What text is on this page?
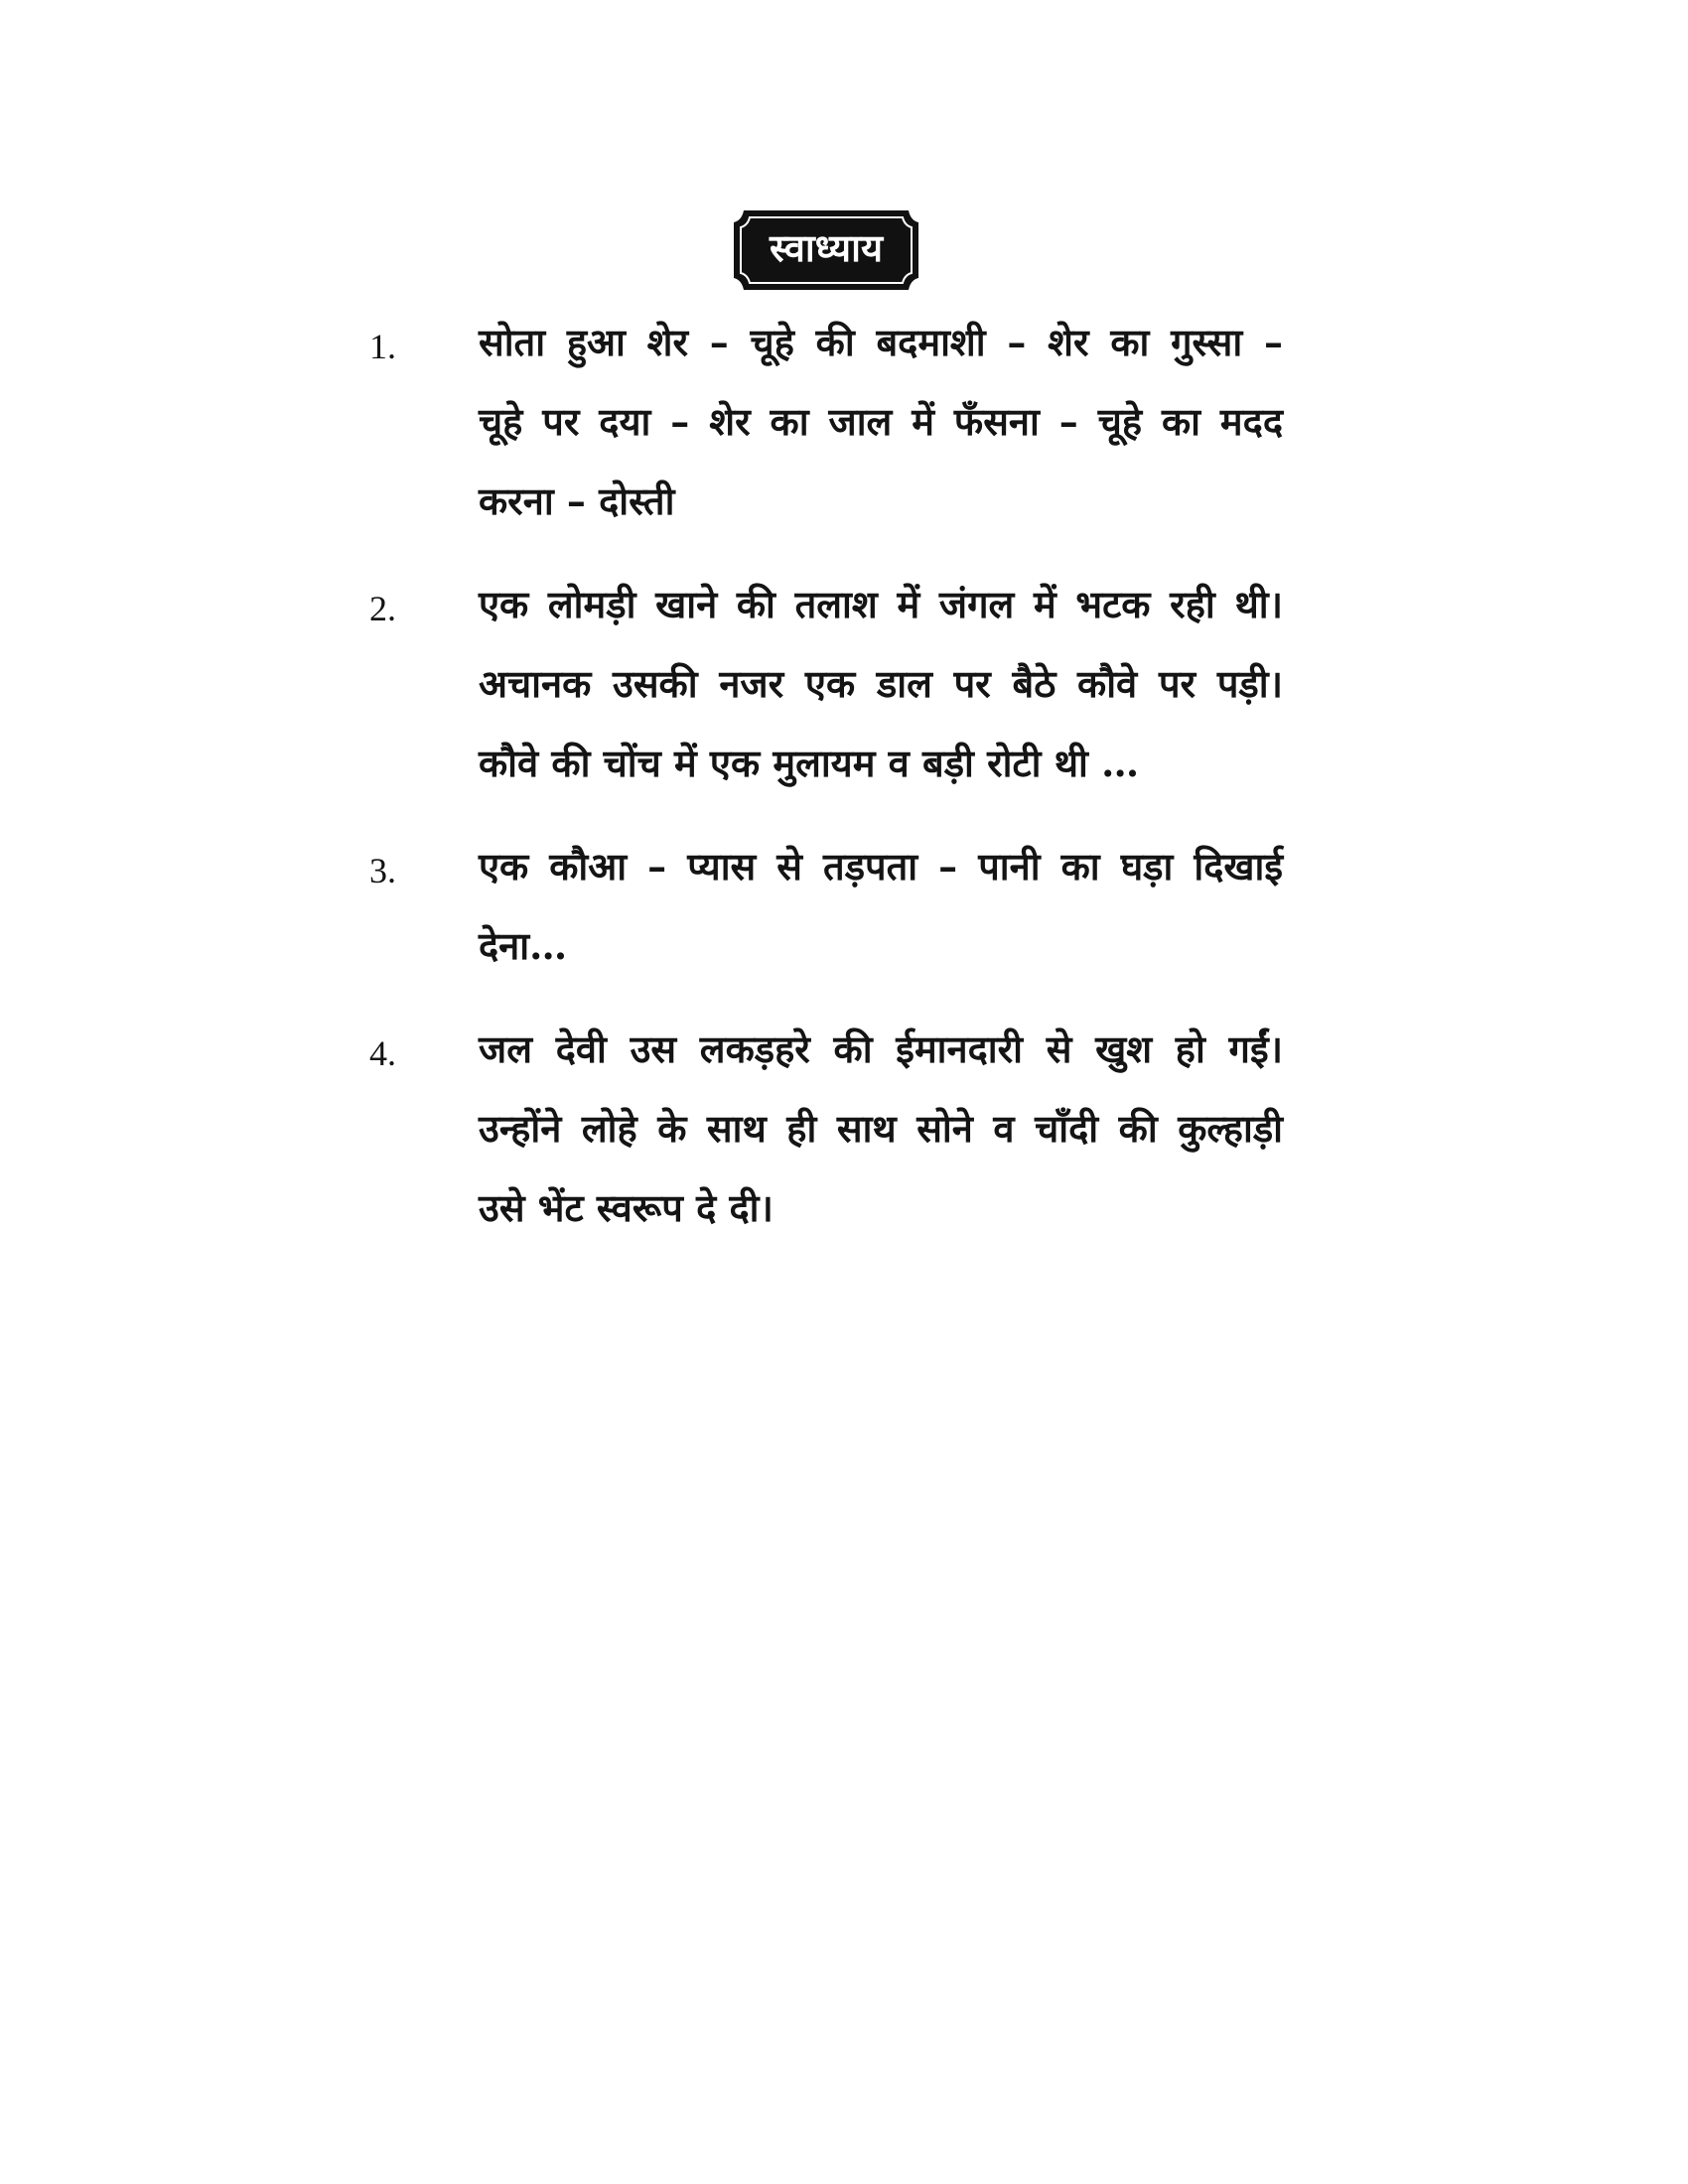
स्वाध्याय
1. सोता हुआ शेर – चूहे की बदमाशी – शेर का गुस्सा –
चूहे पर दया – शेर का जाल में फँसना – चूहे का मदद
करना – दोस्ती
2. एक लोमड़ी खाने की तलाश में जंगल में भटक रही थी।
अचानक उसकी नजर एक डाल पर बैठे कौवे पर पड़ी।
कौवे की चोंच में एक मुलायम व बड़ी रोटी थी …
3. एक कौआ – प्यास से तड़पता – पानी का घड़ा दिखाई
देना…
4. जल देवी उस लकड़हरे की ईमानदारी से खुश हो गईं।
उन्होंने लोहे के साथ ही साथ सोने व चाँदी की कुल्हाड़ी
उसे भेंट स्वरूप दे दी।
